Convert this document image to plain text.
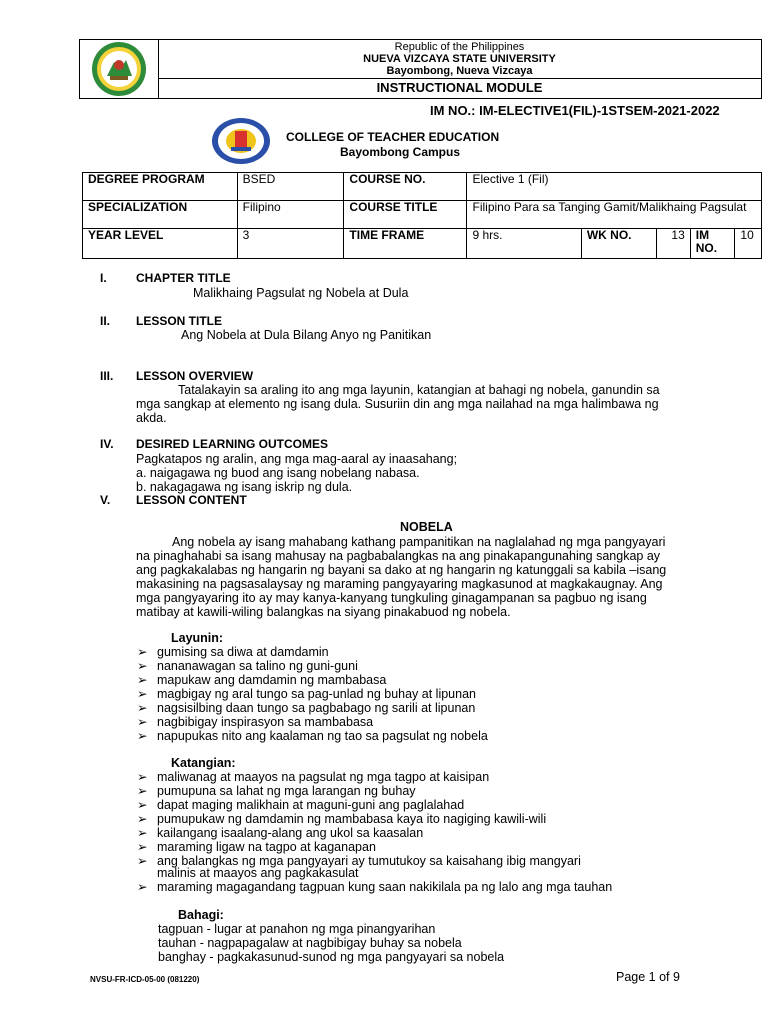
Republic of the Philippines
NUEVA VIZCAYA STATE UNIVERSITY
Bayombong, Nueva Vizcaya
INSTRUCTIONAL MODULE
IM NO.: IM-ELECTIVE1(FIL)-1STSEM-2021-2022
COLLEGE OF TEACHER EDUCATION
Bayombong Campus
DEGREE PROGRAM	BSED	COURSE NO.	Elective 1 (Fil)				
SPECIALIZATION	Filipino	COURSE TITLE	Filipino Para sa Tanging Gamit/Malikhaing Pagsulat				
YEAR LEVEL	3	TIME FRAME	9 hrs.	WK NO.	13	IM NO.	10
I. CHAPTER TITLE
Malikhaing Pagsulat ng Nobela at Dula
II. LESSON TITLE
Ang Nobela at Dula Bilang Anyo ng Panitikan
III. LESSON OVERVIEW
Tatalakayin sa araling ito ang mga layunin, katangian at bahagi ng nobela, ganundin sa
mga sangkap at elemento ng isang dula. Susuriin din ang mga nailahad na mga halimbawa ng
akda.
IV. DESIRED LEARNING OUTCOMES
Pagkatapos ng aralin, ang mga mag-aaral ay inaasahang;
a. naigagawa ng buod ang isang nobelang nabasa.
b. nakagagawa ng isang iskrip ng dula.
V. LESSON CONTENT
NOBELA
Ang nobela ay isang mahabang kathang pampanitikan na naglalahad ng mga pangyayari
na pinaghahabi sa isang mahusay na pagbabalangkas na ang pinakapangunahing sangkap ay
ang pagkakalabas ng hangarin ng bayani sa dako at ng hangarin ng katunggali sa kabila –isang
makasining na pagsasalaysay ng maraming pangyayaring magkasunod at magkakaugnay. Ang
mga pangyayaring ito ay may kanya-kanyang tungkuling ginagampanan sa pagbuo ng isang
matibay at kawili-wiling balangkas na siyang pinakabuod ng nobela.
Layunin:
➢ gumising sa diwa at damdamin
➢ nananawagan sa talino ng guni-guni
➢ mapukaw ang damdamin ng mambabasa
➢ magbigay ng aral tungo sa pag-unlad ng buhay at lipunan
➢ nagsisilbing daan tungo sa pagbabago ng sarili at lipunan
➢ nagbibigay inspirasyon sa mambabasa
➢ napupukas nito ang kaalaman ng tao sa pagsulat ng nobela
Katangian:
➢ maliwanag at maayos na pagsulat ng mga tagpo at kaisipan
➢ pumupuna sa lahat ng mga larangan ng buhay
➢ dapat maging malikhain at maguni-guni ang paglalahad
➢ pumupukaw ng damdamin ng mambabasa kaya ito nagiging kawili-wili
➢ kailangang isaalang-alang ang ukol sa kaasalan
➢ maraming ligaw na tagpo at kaganapan
➢ ang balangkas ng mga pangyayari ay tumutukoy sa kaisahang ibig mangyari
malinis at maayos ang pagkakasulat
➢ maraming magagandang tagpuan kung saan nakikilala pa ng lalo ang mga tauhan
Bahagi:
tagpuan - lugar at panahon ng mga pinangyarihan
tauhan - nagpapagalaw at nagbibigay buhay sa nobela
banghay - pagkakasunud-sunod ng mga pangyayari sa nobela
NVSU-FR-ICD-05-00 (081220)	Page 1 of 9
